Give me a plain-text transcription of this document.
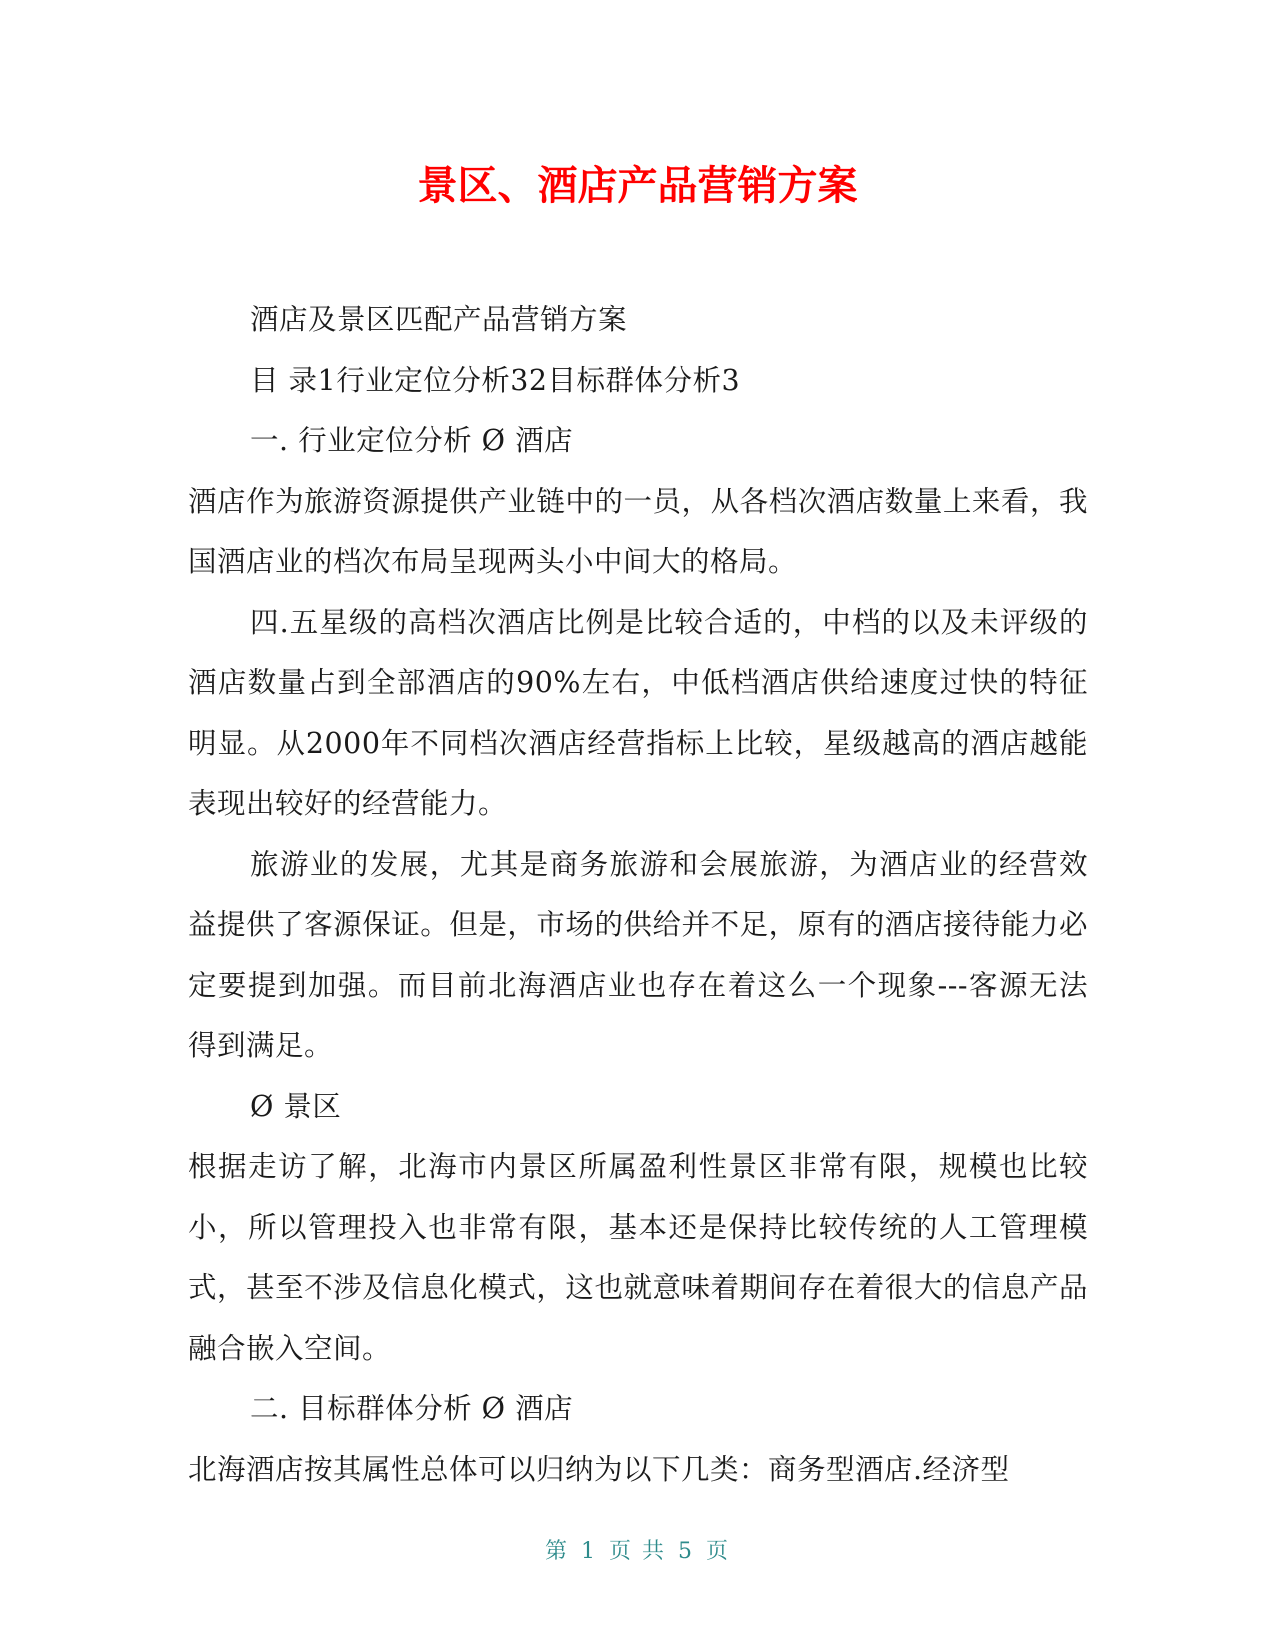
景区、酒店产品营销方案

酒店及景区匹配产品营销方案

目 录1行业定位分析32目标群体分析3

一. 行业定位分析 Ø 酒店

酒店作为旅游资源提供产业链中的一员，从各档次酒店数量上来看，我国酒店业的档次布局呈现两头小中间大的格局。

四.五星级的高档次酒店比例是比较合适的，中档的以及未评级的酒店数量占到全部酒店的90%左右，中低档酒店供给速度过快的特征明显。从2000年不同档次酒店经营指标上比较，星级越高的酒店越能表现出较好的经营能力。

旅游业的发展，尤其是商务旅游和会展旅游，为酒店业的经营效益提供了客源保证。但是，市场的供给并不足，原有的酒店接待能力必定要提到加强。而目前北海酒店业也存在着这么一个现象---客源无法得到满足。

Ø 景区

根据走访了解，北海市内景区所属盈利性景区非常有限，规模也比较小，所以管理投入也非常有限，基本还是保持比较传统的人工管理模式，甚至不涉及信息化模式，这也就意味着期间存在着很大的信息产品融合嵌入空间。

二. 目标群体分析 Ø 酒店

北海酒店按其属性总体可以归纳为以下几类：商务型酒店.经济型

第 1 页 共 5 页
